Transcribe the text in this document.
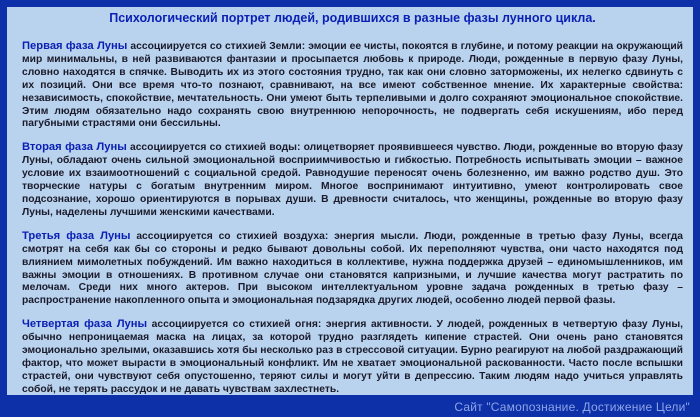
Психологический портрет людей, родившихся в разные фазы лунного цикла.

Первая фаза Луны ассоциируется со стихией Земли: эмоции ее чисты, покоятся в глубине, и потому реакции на окружающий мир минимальны, в ней развиваются фантазии и просыпается любовь к природе. Люди, рожденные в первую фазу Луны, словно находятся в спячке. Выводить их из этого состояния трудно, так как они словно заторможены, их нелегко сдвинуть с их позиций. Они все время что-то познают, сравнивают, на все имеют собственное мнение. Их характерные свойства: независимость, спокойствие, мечтательность. Они умеют быть терпеливыми и долго сохраняют эмоциональное спокойствие. Этим людям обязательно надо сохранять свою внутреннюю непорочность, не подвергать себя искушениям, ибо перед пагубными страстями они бессильны.

Вторая фаза Луны ассоциируется со стихией воды: олицетворяет проявившееся чувство. Люди, рожденные во вторую фазу Луны, обладают очень сильной эмоциональной восприимчивостью и гибкостью. Потребность испытывать эмоции – важное условие их взаимоотношений с социальной средой. Равнодушие переносят очень болезненно, им важно родство душ. Это творческие натуры с богатым внутренним миром. Многое воспринимают интуитивно, умеют контролировать свое подсознание, хорошо ориентируются в порывах души. В древности считалось, что женщины, рожденные во вторую фазу Луны, наделены лучшими женскими качествами.

Третья фаза Луны ассоциируется со стихией воздуха: энергия мысли. Люди, рожденные в третью фазу Луны, всегда смотрят на себя как бы со стороны и редко бывают довольны собой. Их переполняют чувства, они часто находятся под влиянием мимолетных побуждений. Им важно находиться в коллективе, нужна поддержка друзей – единомышленников, им важны эмоции в отношениях. В противном случае они становятся капризными, и лучшие качества могут растратить по мелочам. Среди них много актеров. При высоком интеллектуальном уровне задача рожденных в третью фазу – распространение накопленного опыта и эмоциональная подзарядка других людей, особенно людей первой фазы.

Четвертая фаза Луны ассоциируется со стихией огня: энергия активности. У людей, рожденных в четвертую фазу Луны, обычно непроницаемая маска на лицах, за которой трудно разглядеть кипение страстей. Они очень рано становятся эмоционально зрелыми, оказавшись хотя бы несколько раз в стрессовой ситуации. Бурно реагируют на любой раздражающий фактор, что может вырасти в эмоциональный конфликт. Им не хватает эмоциональной раскованности. Часто после вспышки страстей, они чувствуют себя опустошенно, теряют силы и могут уйти в депрессию. Таким людям надо учиться управлять собой, не терять рассудок и не давать чувствам захлестнеть.

Сайт "Самопознание. Достижение Цели"
